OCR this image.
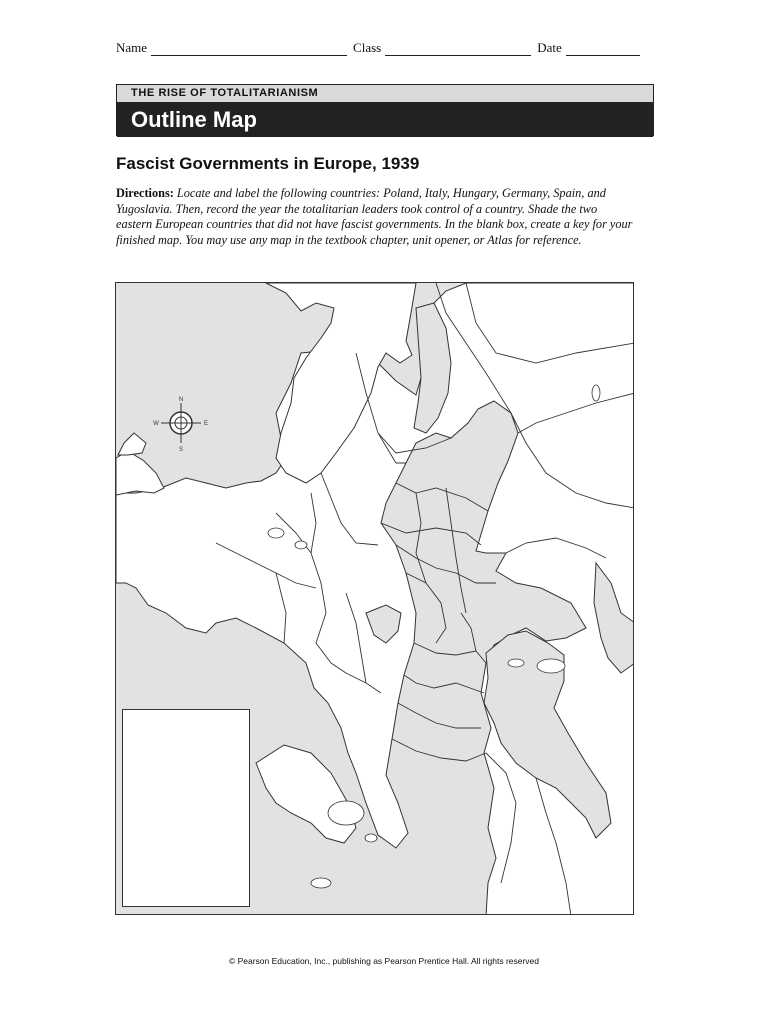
Name	Class	Date
THE RISE OF TOTALITARIANISM
Outline Map
Fascist Governments in Europe, 1939
Directions: Locate and label the following countries: Poland, Italy, Hungary, Germany, Spain, and Yugoslavia. Then, record the year the totalitarian leaders took control of a country. Shade the two eastern European countries that did not have fascist governments. In the blank box, create a key for your finished map. You may use any map in the textbook chapter, unit opener, or Atlas for reference.
N
S
E
W
© Pearson Education, Inc., publishing as Pearson Prentice Hall. All rights reserved
